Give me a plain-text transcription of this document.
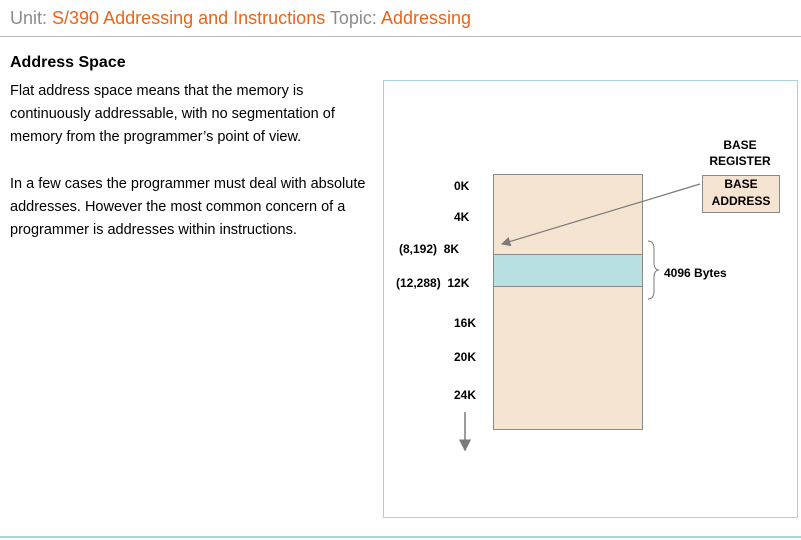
Unit: S/390 Addressing and Instructions Topic: Addressing
Address Space
Flat address space means that the memory is continuously addressable, with no segmentation of memory from the programmer’s point of view.
In a few cases the programmer must deal with absolute addresses. However the most common concern of a programmer is addresses within instructions.
0K
4K
(8,192)  8K
(12,288)  12K
16K
20K
24K
BASE
REGISTER
BASE
ADDRESS
4096 Bytes
